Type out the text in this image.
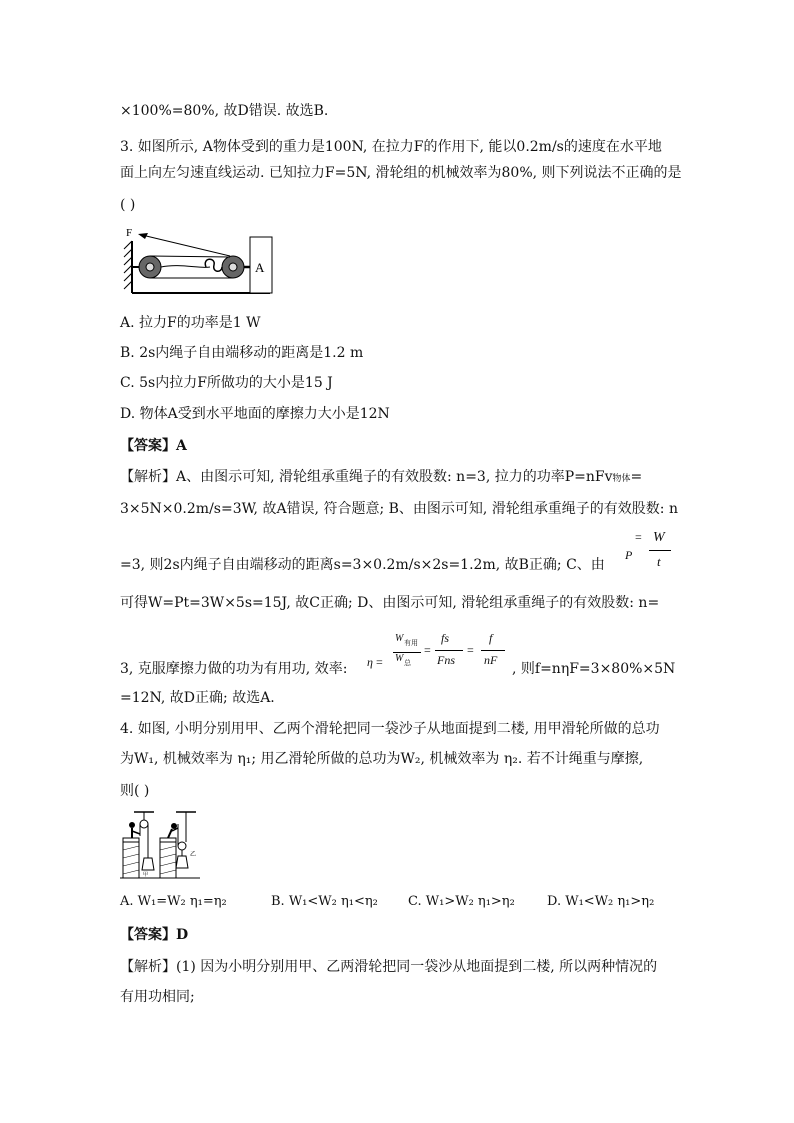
×100%=80%, 故D错误. 故选B.
3. 如图所示, A物体受到的重力是100N, 在拉力F的作用下, 能以0.2m/s的速度在水平地
面上向左匀速直线运动. 已知拉力F=5N, 滑轮组的机械效率为80%, 则下列说法不正确的是
( )
F
A
A. 拉力F的功率是1 W
B. 2s内绳子自由端移动的距离是1.2 m
C. 5s内拉力F所做功的大小是15 J
D. 物体A受到水平地面的摩擦力大小是12N
【答案】A
【解析】A、由图示可知, 滑轮组承重绳子的有效股数: n=3, 拉力的功率P=nFv物体=
3×5N×0.2m/s=3W, 故A错误, 符合题意; B、由图示可知, 滑轮组承重绳子的有效股数: n
=3, 则2s内绳子自由端移动的距离s=3×0.2m/s×2s=1.2m, 故B正确; C、由
P
= W
t
可得W=Pt=3W×5s=15J, 故C正确; D、由图示可知, 滑轮组承重绳子的有效股数: n=
3, 克服摩擦力做的功为有用功, 效率: η =
W 有用
W 总
=
fs
Fns
=
f
nF
, 则f=nηF=3×80%×5N
=12N, 故D正确; 故选A.
4. 如图, 小明分别用甲、乙两个滑轮把同一袋沙子从地面提到二楼, 用甲滑轮所做的总功
为W₁, 机械效率为 η₁; 用乙滑轮所做的总功为W₂, 机械效率为 η₂. 若不计绳重与摩擦,
则( )
甲
乙
A. W₁=W₂ η₁=η₂	B. W₁<W₂ η₁<η₂ C. W₁>W₂ η₁>η₂ D. W₁<W₂ η₁>η₂
【答案】D
【解析】(1) 因为小明分别用甲、乙两滑轮把同一袋沙从地面提到二楼, 所以两种情况的
有用功相同;
